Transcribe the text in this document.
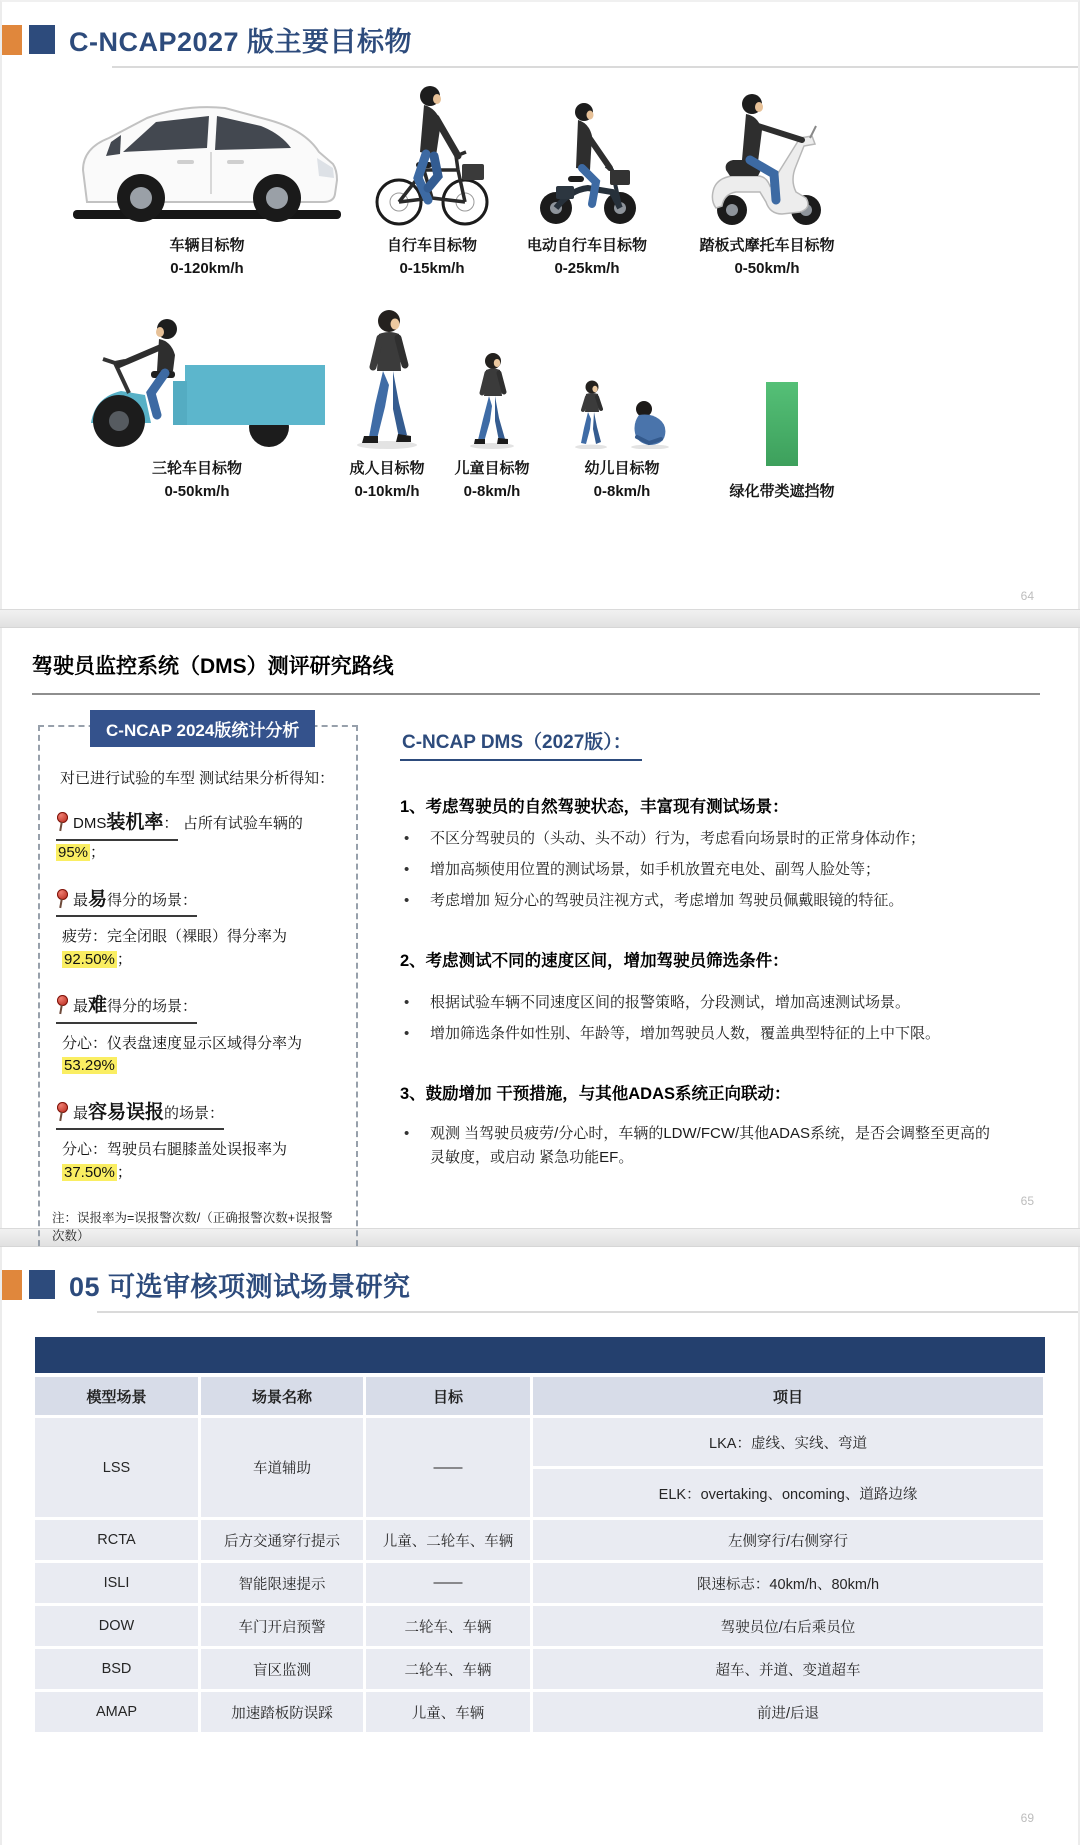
C-NCAP2027 版主要目标物
车辆目标物
0-120km/h
自行车目标物
0-15km/h
电动自行车目标物
0-25km/h
踏板式摩托车目标物
0-50km/h
三轮车目标物
0-50km/h
成人目标物
0-10km/h
儿童目标物
0-8km/h
幼儿目标物
0-8km/h	绿化带类遮挡物
64
驾驶员监控系统（DMS）测评研究路线
C-NCAP 2024版统计分析

对已进行试验的车型 测试结果分析得知：

DMS装机率： 占所有试验车辆的95% ；
最易得分的场景：
疲劳：完全闭眼（裸眼）得分率为 92.50% ；
最难得分的场景：
分心：仪表盘速度显示区域得分率为 53.29%
最容易误报的场景：
分心：驾驶员右腿膝盖处误报率为 37.50% ；

注：误报率为=误报警次数/（正确报警次数+误报警次数）

C-NCAP DMS（2027版）：
1、考虑驾驶员的自然驾驶状态，丰富现有测试场景：
•
不区分驾驶员的（头动、头不动）行为，考虑看向场景时的正常身体动作；
•
增加高频使用位置的测试场景，如手机放置充电处、副驾人脸处等；
•
考虑增加 短分心的驾驶员注视方式，考虑增加 驾驶员佩戴眼镜的特征。
2、考虑测试不同的速度区间，增加驾驶员筛选条件：
•
根据试验车辆不同速度区间的报警策略，分段测试，增加高速测试场景。
•
增加筛选条件如性别、年龄等，增加驾驶员人数，覆盖典型特征的上中下限。
3、鼓励增加 干预措施，与其他ADAS系统正向联动：
•
观测 当驾驶员疲劳/分心时，车辆的LDW/FCW/其他ADAS系统，是否会调整至更高的灵敏度，或启动 紧急功能EF。
65
05 可选审核项测试场景研究
模型场景	场景名称	目标	项目
LSS	车道辅助	——	LKA：虚线、实线、弯道
			ELK：overtaking、oncoming、道路边缘
RCTA	后方交通穿行提示	儿童、二轮车、车辆	左侧穿行/右侧穿行
ISLI	智能限速提示	——	限速标志：40km/h、80km/h
DOW	车门开启预警	二轮车、车辆	驾驶员位/右后乘员位
BSD	盲区监测	二轮车、车辆	超车、并道、变道超车
AMAP	加速踏板防误踩	儿童、车辆	前进/后退
69
